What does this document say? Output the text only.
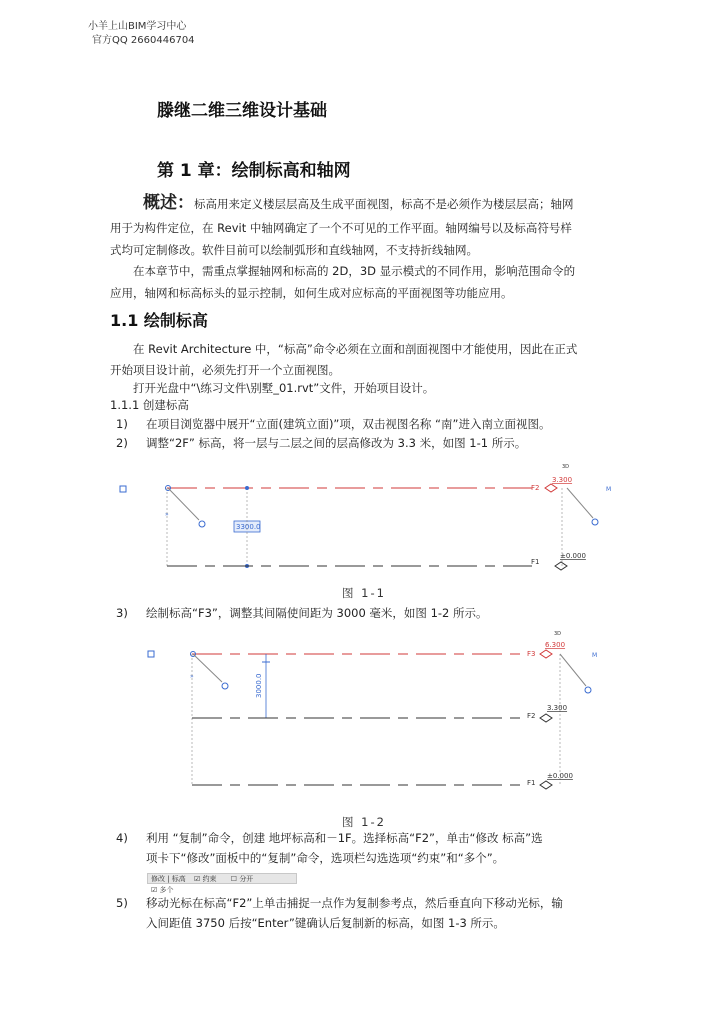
小羊上山BIM学习中心
官方QQ 2660446704
滕继二维三维设计基础
第 1 章：绘制标高和轴网
概述：标高用来定义楼层层高及生成平面视图，标高不是必须作为楼层层高；轴网
用于为构件定位，在 Revit 中轴网确定了一个不可见的工作平面。轴网编号以及标高符号样
式均可定制修改。软件目前可以绘制弧形和直线轴网，不支持折线轴网。
在本章节中，需重点掌握轴网和标高的 2D，3D 显示模式的不同作用，影响范围命令的
应用，轴网和标高标头的显示控制，如何生成对应标高的平面视图等功能应用。
1.1 绘制标高
在 Revit Architecture 中，“标高”命令必须在立面和剖面视图中才能使用，因此在正式
开始项目设计前，必须先打开一个立面视图。
打开光盘中“\练习文件\别墅_01.rvt”文件，开始项目设计。
1.1.1 创建标高
1) 在项目浏览器中展开“立面(建筑立面)”项，双击视图名称 “南”进入南立面视图。
2) 调整“2F” 标高，将一层与二层之间的层高修改为 3.3 米，如图 1-1 所示。
»
3300.0
F2
3.300
3D
M
F1
±0.000
图 1-1
3) 绘制标高“F3”，调整其间隔使间距为 3000 毫米，如图 1-2 所示。
»	3000.0
F3
6.300
3D
M
F2
3.300
F1
±0.000
图 1-2
4) 利用 “复制”命令，创建 地坪标高和－1F。选择标高“F2”，单击“修改 标高”选
项卡下“修改”面板中的“复制”命令，选项栏勾选选项“约束”和“多个”。
修改 | 标高 ☑ 约束 ☐ 分开 ☑ 多个
5) 移动光标在标高“F2”上单击捕捉一点作为复制参考点，然后垂直向下移动光标，输
入间距值 3750 后按“Enter”键确认后复制新的标高，如图 1-3 所示。
